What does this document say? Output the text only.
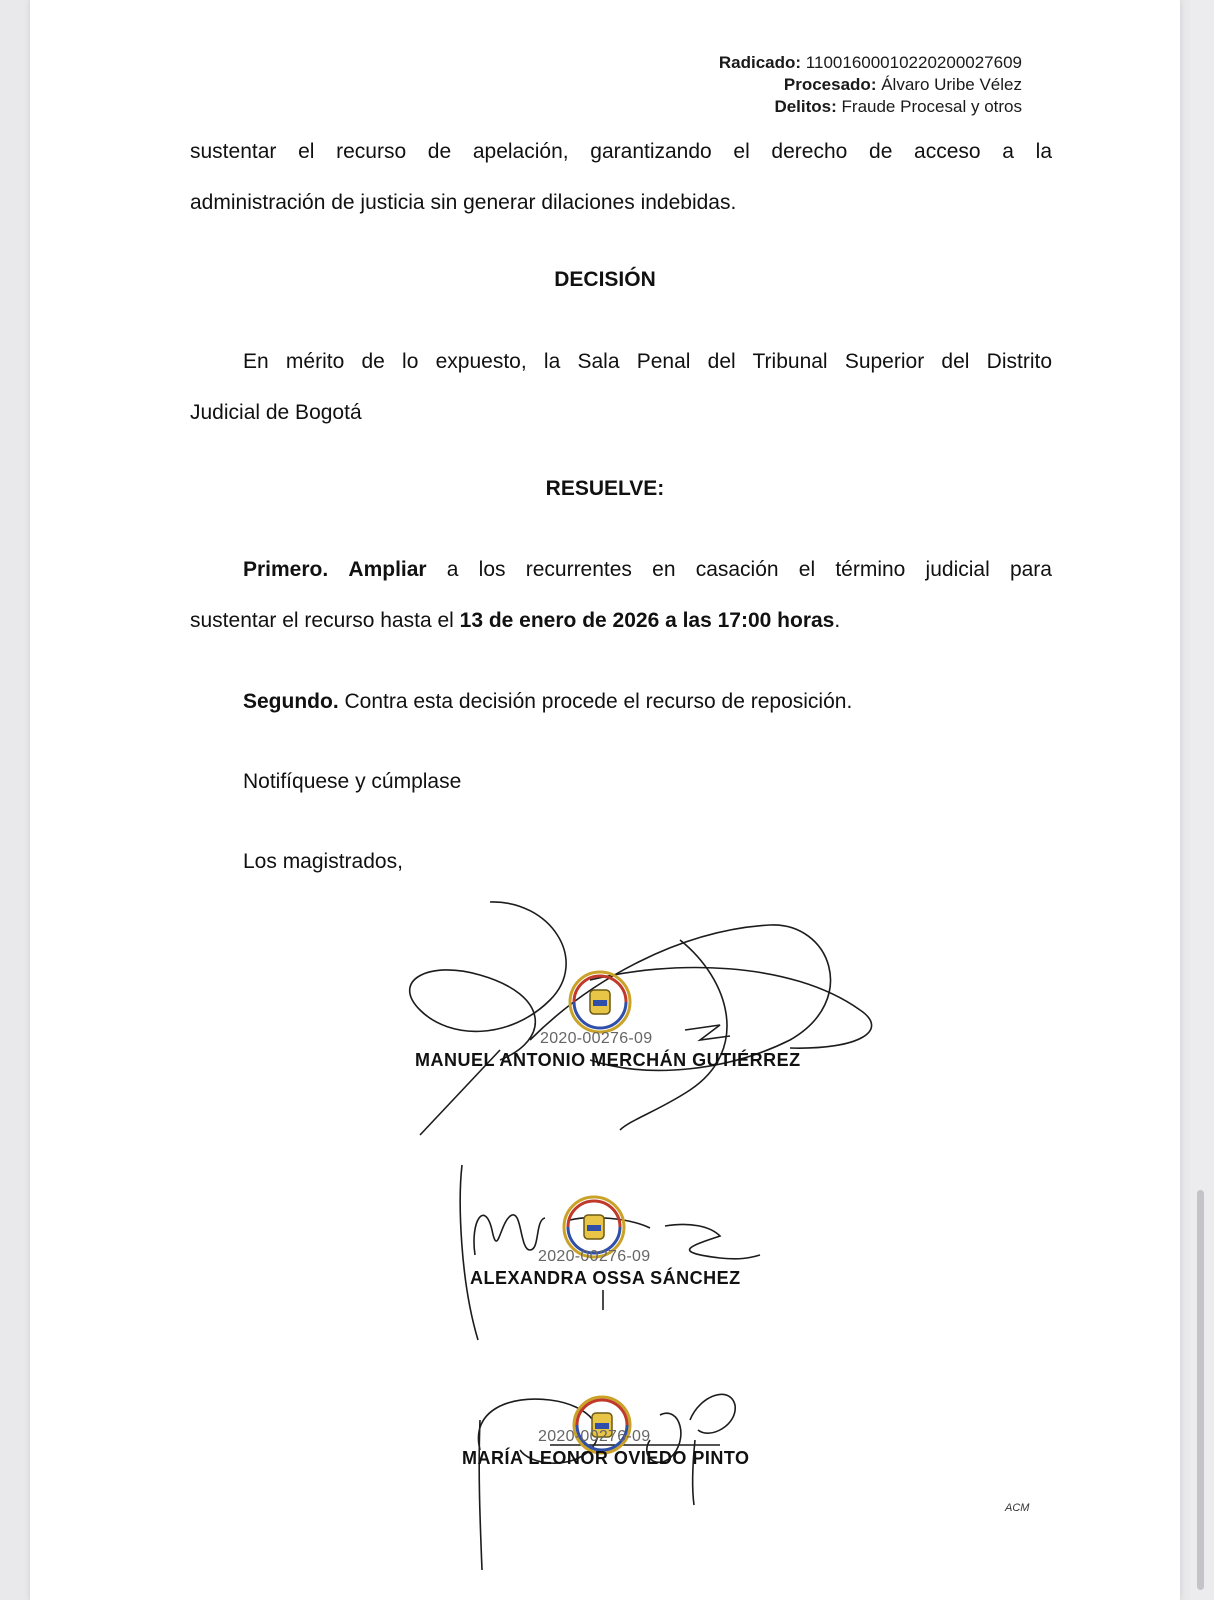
Radicado: 11001600010220200027609
Procesado: Álvaro Uribe Vélez
Delitos: Fraude Procesal y otros
sustentar el recurso de apelación, garantizando el derecho de acceso a la
administración de justicia sin generar dilaciones indebidas.
DECISIÓN
En mérito de lo expuesto, la Sala Penal del Tribunal Superior del Distrito
Judicial de Bogotá
RESUELVE:
Primero. Ampliar a los recurrentes en casación el término judicial para
sustentar el recurso hasta el 13 de enero de 2026 a las 17:00 horas.
Segundo. Contra esta decisión procede el recurso de reposición.
Notifíquese y cúmplase
Los magistrados,
2020-00276-09
MANUEL ANTONIO MERCHÁN GUTIÉRREZ
2020-00276-09
ALEXANDRA OSSA SÁNCHEZ
2020-00276-09
MARÍA LEONOR OVIEDO PINTO
ACM
